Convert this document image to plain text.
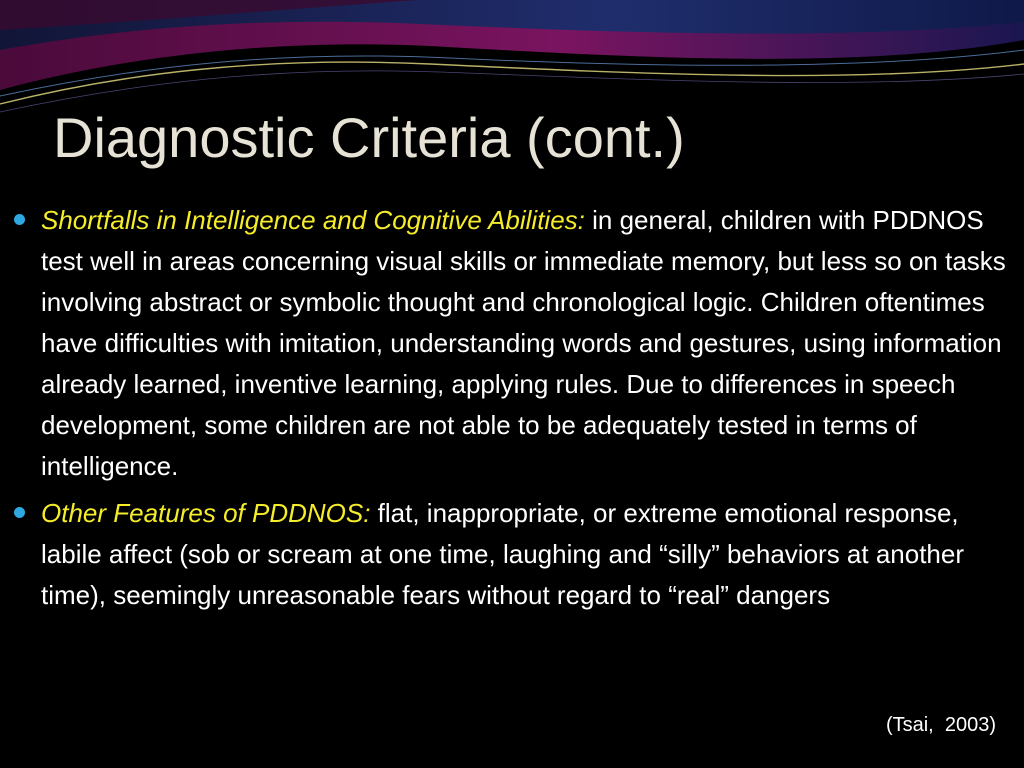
Diagnostic Criteria (cont.)

Shortfalls in Intelligence and Cognitive Abilities: in general, children with PDDNOS test well in areas concerning visual skills or immediate memory, but less so on tasks involving abstract or symbolic thought and chronological logic. Children oftentimes have difficulties with imitation, understanding words and gestures, using information already learned, inventive learning, applying rules. Due to differences in speech development, some children are not able to be adequately tested in terms of intelligence.

Other Features of PDDNOS: flat, inappropriate, or extreme emotional response, labile affect (sob or scream at one time, laughing and “silly” behaviors at another time), seemingly unreasonable fears without regard to “real” dangers

(Tsai,  2003)
